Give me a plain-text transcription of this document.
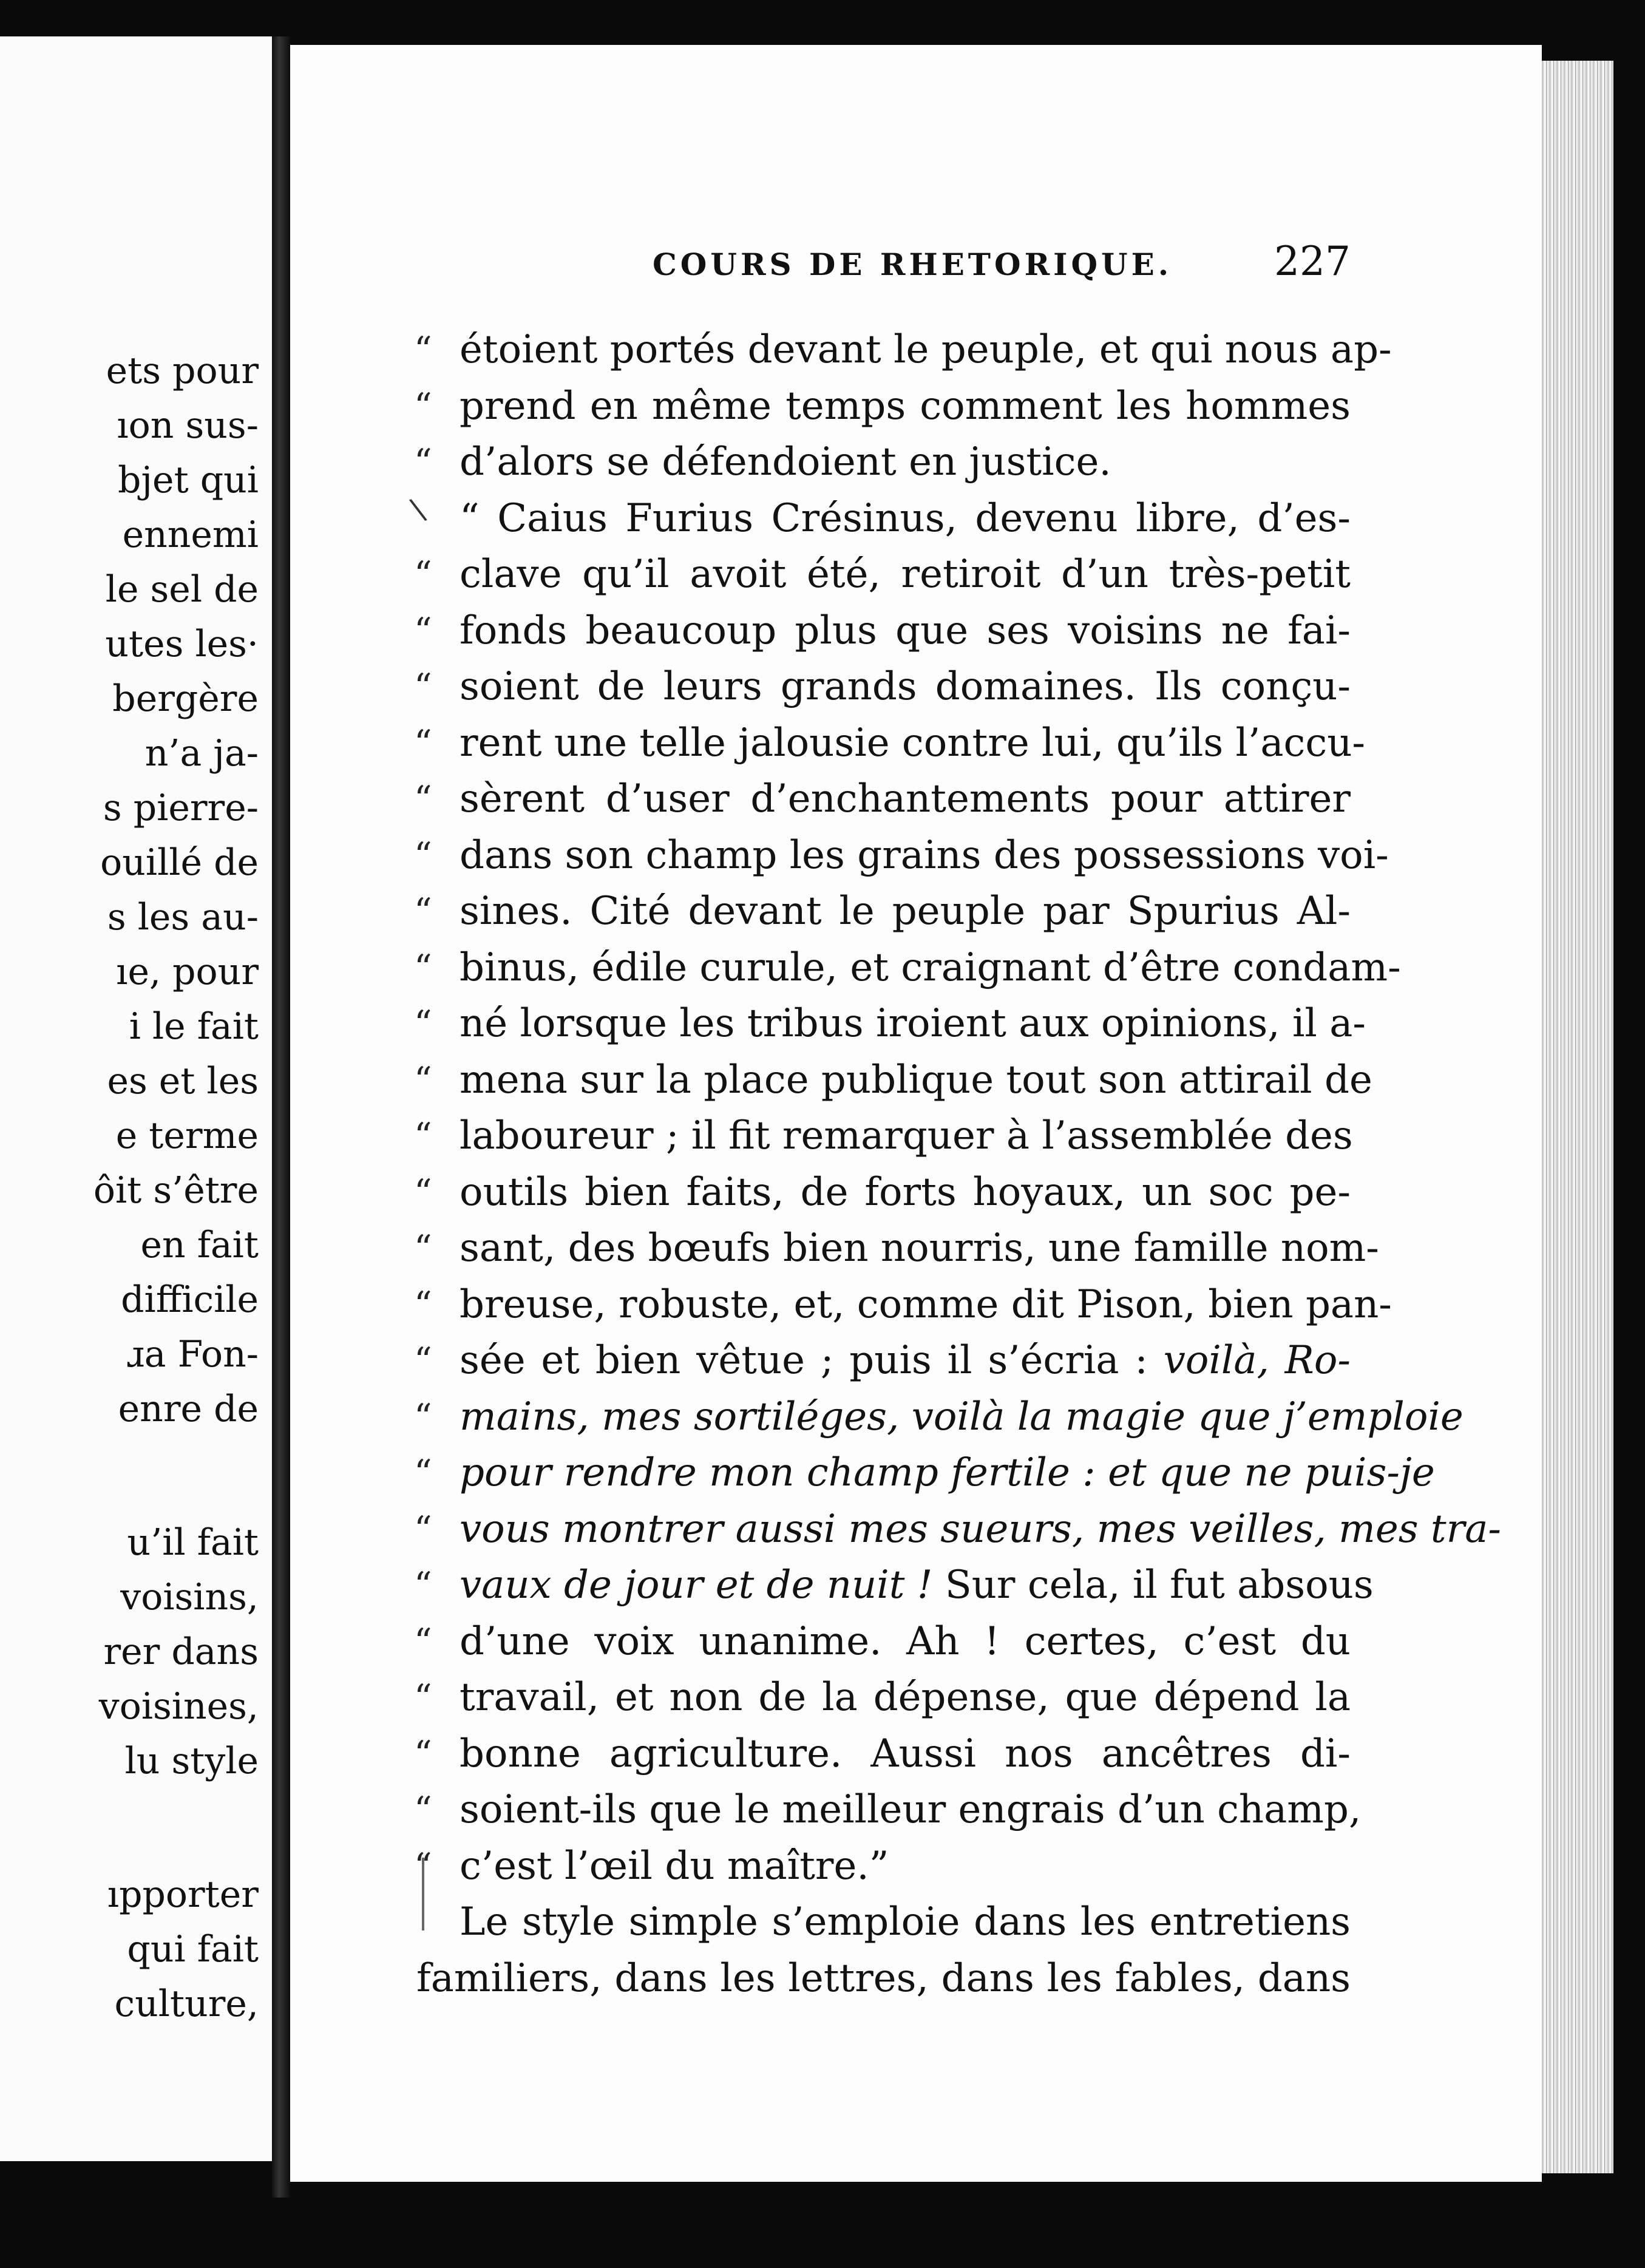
ets pour
ıon sus-
bjet qui
ennemi
le sel de
utes les·
bergère
n’a ja-
s pierre-
ouillé de
s les au-
ıe, pour
i le fait
es et les
e terme
ôit s’être
en fait
difficile
ɹa Fon-
enre de
u’il fait
voisins,
rer dans
voisines,
lu style
ıpporter
qui fait
culture,
COURS DE RHETORIQUE.	227
\
“ étoient portés devant le peuple, et qui nous ap-
“ prend en même temps comment les hommes
“ d’alors se défendoient en justice.
“ Caius Furius Crésinus, devenu libre, d’es-
“ clave qu’il avoit été, retiroit d’un très-petit
“ fonds beaucoup plus que ses voisins ne fai-
“ soient de leurs grands domaines. Ils conçu-
“ rent une telle jalousie contre lui, qu’ils l’accu-
“ sèrent d’user d’enchantements pour attirer
“ dans son champ les grains des possessions voi-
“ sines. Cité devant le peuple par Spurius Al-
“ binus, édile curule, et craignant d’être condam-
“ né lorsque les tribus iroient aux opinions, il a-
“ mena sur la place publique tout son attirail de
“ laboureur ; il fit remarquer à l’assemblée des
“ outils bien faits, de forts hoyaux, un soc pe-
“ sant, des bœufs bien nourris, une famille nom-
“ breuse, robuste, et, comme dit Pison, bien pan-
“ sée et bien vêtue ; puis il s’écria : voilà, Ro-
“ mains, mes sortiléges, voilà la magie que j’emploie
“ pour rendre mon champ fertile : et que ne puis-je
“ vous montrer aussi mes sueurs, mes veilles, mes tra-
“ vaux de jour et de nuit ! Sur cela, il fut absous
“ d’une voix unanime. Ah ! certes, c’est du
“ travail, et non de la dépense, que dépend la
“ bonne agriculture. Aussi nos ancêtres di-
“ soient-ils que le meilleur engrais d’un champ,
“ c’est l’œil du maître.”
Le style simple s’emploie dans les entretiens
familiers, dans les lettres, dans les fables, dans
